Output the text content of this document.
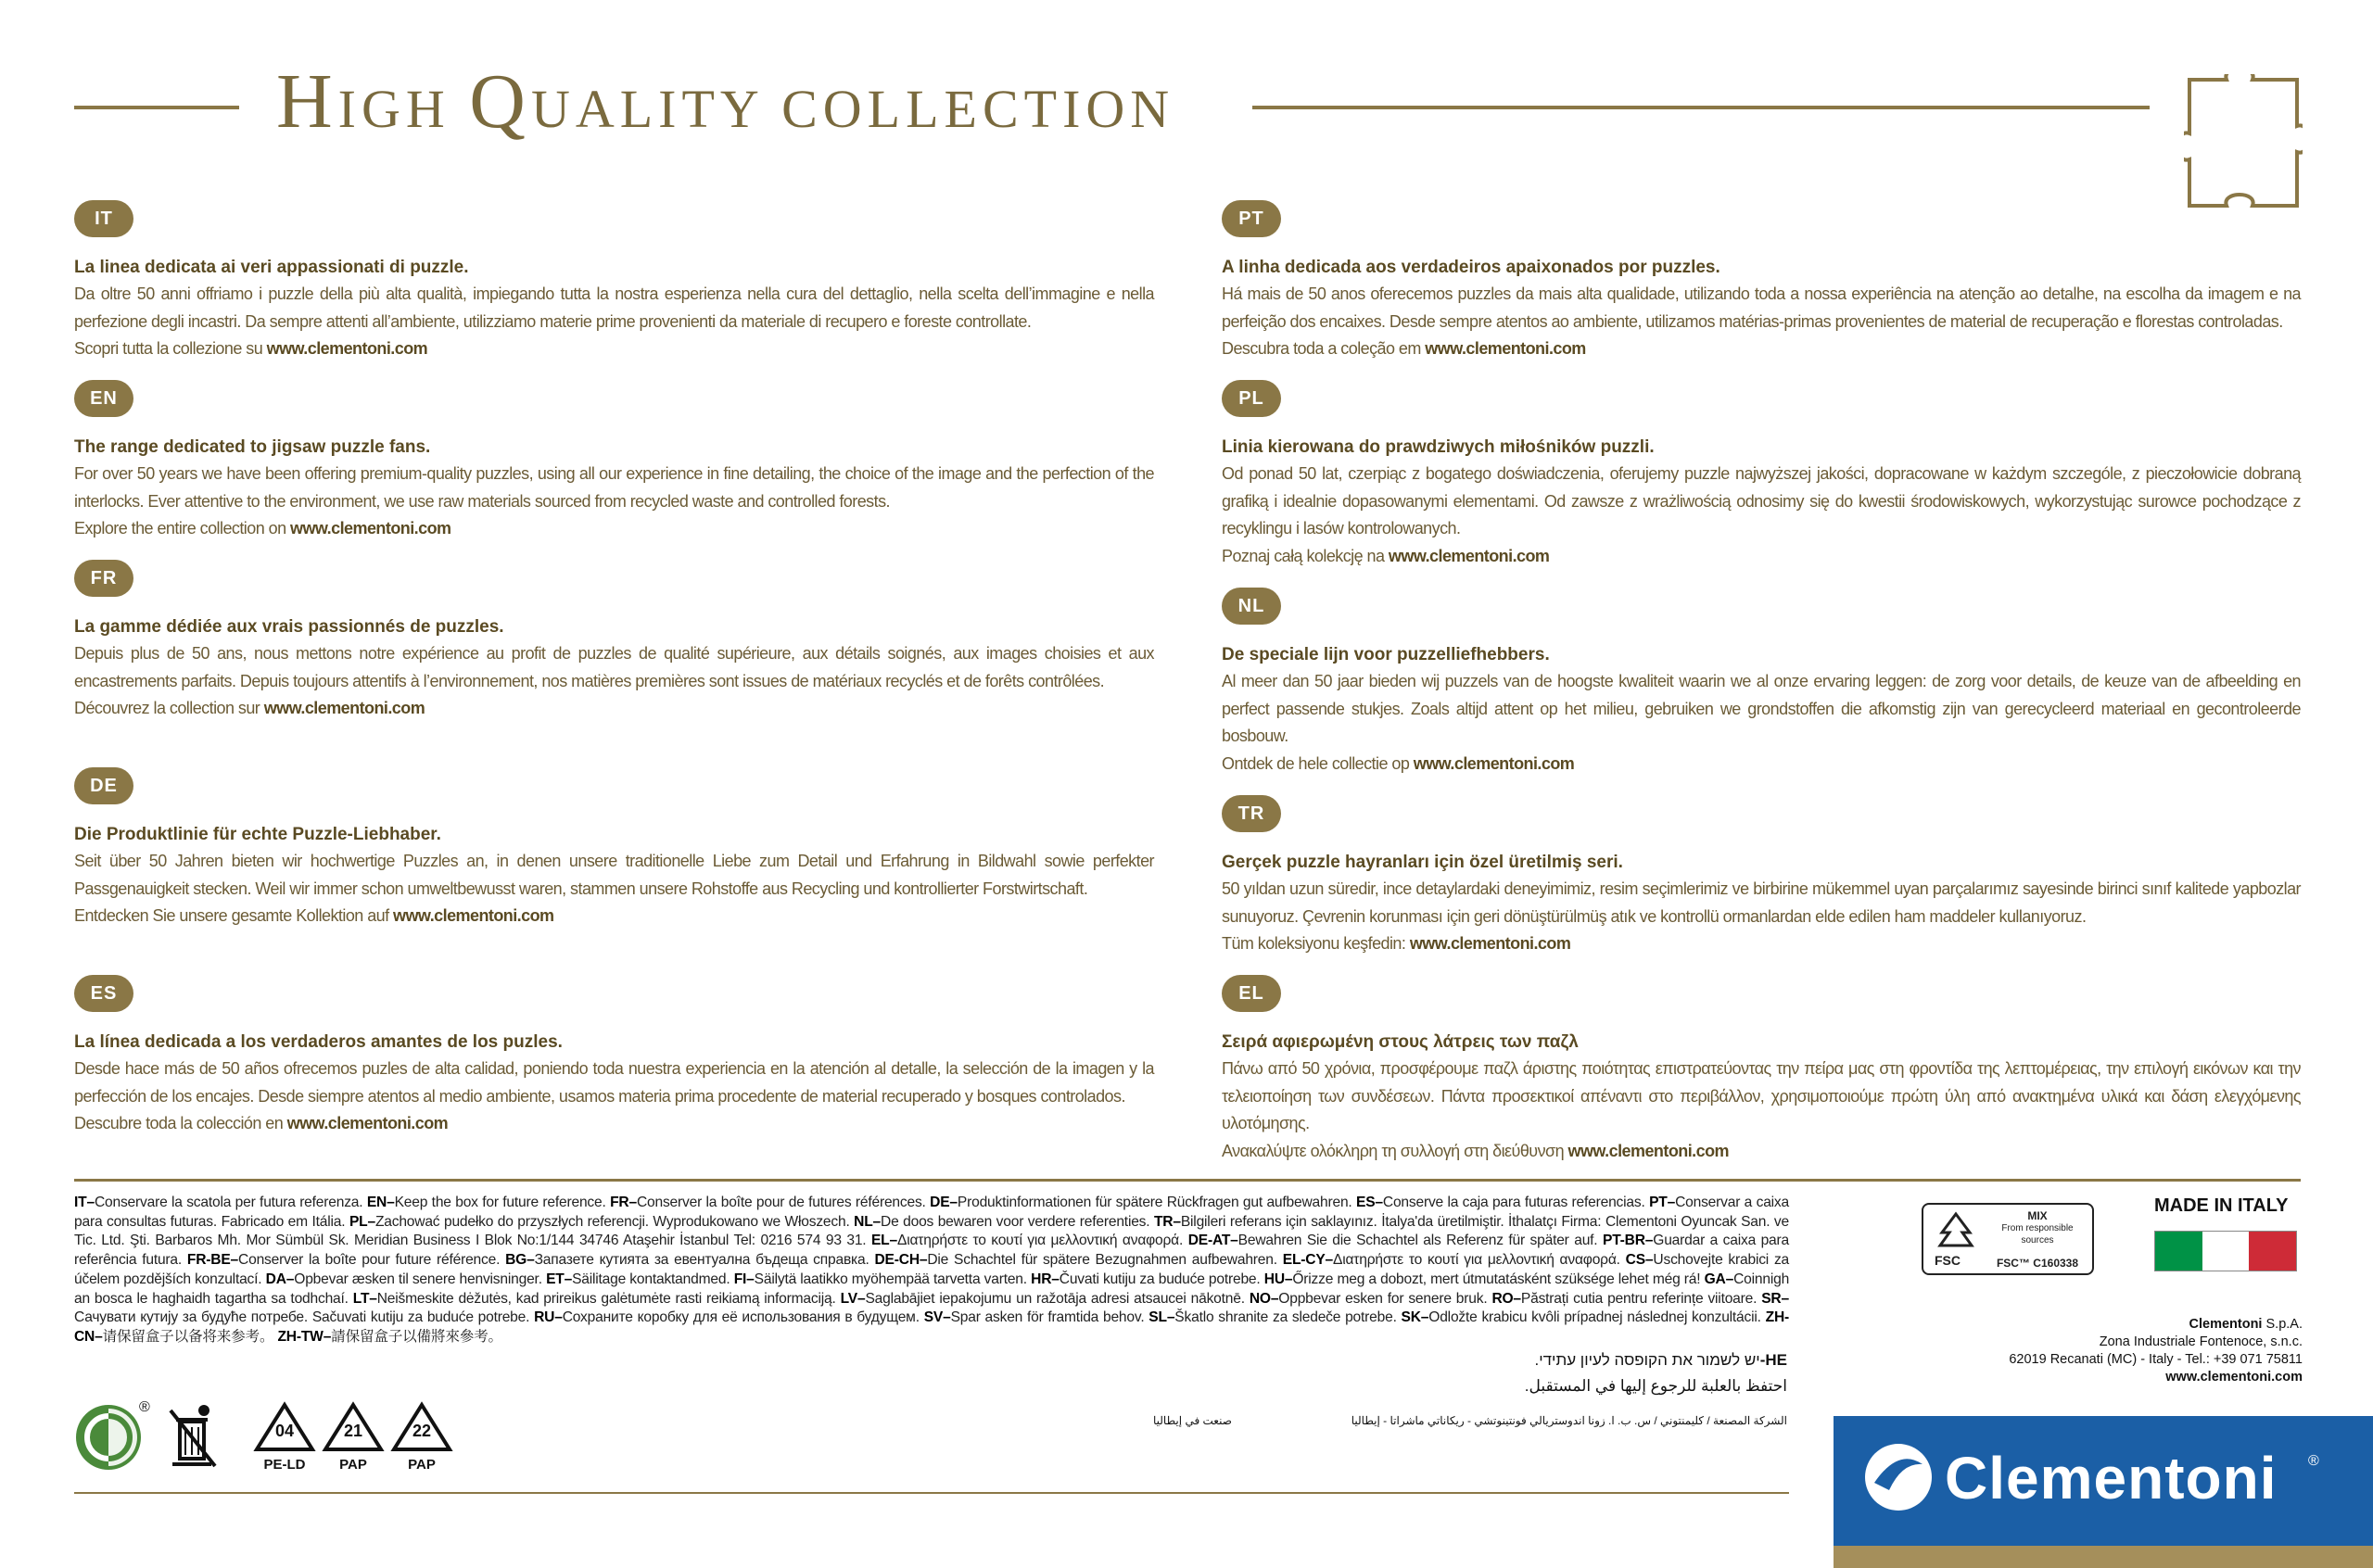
HIGH QUALITY COLLECTION
IT
La linea dedicata ai veri appassionati di puzzle.
Da oltre 50 anni offriamo i puzzle della più alta qualità, impiegando tutta la nostra esperienza nella cura del dettaglio, nella scelta dell’immagine e nella perfezione degli incastri. Da sempre attenti all’ambiente, utilizziamo materie prime provenienti da materiale di recupero e foreste controllate.
Scopri tutta la collezione su www.clementoni.com
EN
The range dedicated to jigsaw puzzle fans.
For over 50 years we have been offering premium-quality puzzles, using all our experience in fine detailing, the choice of the image and the perfection of the interlocks. Ever attentive to the environment, we use raw materials sourced from recycled waste and controlled forests.
Explore the entire collection on www.clementoni.com
FR
La gamme dédiée aux vrais passionnés de puzzles.
Depuis plus de 50 ans, nous mettons notre expérience au profit de puzzles de qualité supérieure, aux détails soignés, aux images choisies et aux encastrements parfaits. Depuis toujours attentifs à l’environnement, nos matières premières sont issues de matériaux recyclés et de forêts contrôlées.
Découvrez la collection sur www.clementoni.com
DE
Die Produktlinie für echte Puzzle-Liebhaber.
Seit über 50 Jahren bieten wir hochwertige Puzzles an, in denen unsere traditionelle Liebe zum Detail und Erfahrung in Bildwahl sowie perfekter Passgenauigkeit stecken. Weil wir immer schon umweltbewusst waren, stammen unsere Rohstoffe aus Recycling und kontrollierter Forstwirtschaft.
Entdecken Sie unsere gesamte Kollektion auf www.clementoni.com
ES
La línea dedicada a los verdaderos amantes de los puzles.
Desde hace más de 50 años ofrecemos puzles de alta calidad, poniendo toda nuestra experiencia en la atención al detalle, la selección de la imagen y la perfección de los encajes. Desde siempre atentos al medio ambiente, usamos materia prima procedente de material recuperado y bosques controlados.
Descubre toda la colección en www.clementoni.com
PT
A linha dedicada aos verdadeiros apaixonados por puzzles.
Há mais de 50 anos oferecemos puzzles da mais alta qualidade, utilizando toda a nossa experiência na atenção ao detalhe, na escolha da imagem e na perfeição dos encaixes. Desde sempre atentos ao ambiente, utilizamos matérias-primas provenientes de material de recuperação e florestas controladas.
Descubra toda a coleção em www.clementoni.com
PL
Linia kierowana do prawdziwych miłośników puzzli.
Od ponad 50 lat, czerpiąc z bogatego doświadczenia, oferujemy puzzle najwyższej jakości, dopracowane w każdym szczególe, z pieczołowicie dobraną grafiką i idealnie dopasowanymi elementami. Od zawsze z wrażliwością odnosimy się do kwestii środowiskowych, wykorzystując surowce pochodzące z recyklingu i lasów kontrolowanych.
Poznaj całą kolekcję na www.clementoni.com
NL
De speciale lijn voor puzzelliefhebbers.
Al meer dan 50 jaar bieden wij puzzels van de hoogste kwaliteit waarin we al onze ervaring leggen: de zorg voor details, de keuze van de afbeelding en perfect passende stukjes. Zoals altijd attent op het milieu, gebruiken we grondstoffen die afkomstig zijn van gerecycleerd materiaal en gecontroleerde bosbouw.
Ontdek de hele collectie op www.clementoni.com
TR
Gerçek puzzle hayranları için özel üretilmiş seri.
50 yıldan uzun süredir, ince detaylardaki deneyimimiz, resim seçimlerimiz ve birbirine mükemmel uyan parçalarımız sayesinde birinci sınıf kalitede yapbozlar sunuyoruz. Çevrenin korunması için geri dönüştürülmüş atık ve kontrollü ormanlardan elde edilen ham maddeler kullanıyoruz.
Tüm koleksiyonu keşfedin: www.clementoni.com
EL
Σειρά αφιερωμένη στους λάτρεις των παζλ
Πάνω από 50 χρόνια, προσφέρουμε παζλ άριστης ποιότητας επιστρατεύοντας την πείρα μας στη φροντίδα της λεπτομέρειας, την επιλογή εικόνων και την τελειοποίηση των συνδέσεων. Πάντα προσεκτικοί απέναντι στο περιβάλλον, χρησιμοποιούμε πρώτη ύλη από ανακτημένα υλικά και δάση ελεγχόμενης υλοτόμησης.
Ανακαλύψτε ολόκληρη τη συλλογή στη διεύθυνση www.clementoni.com
IT–Conservare la scatola per futura referenza. EN–Keep the box for future reference. FR–Conserver la boîte pour de futures références. DE–Produktinformationen für spätere Rückfragen gut aufbewahren. ES–Conserve la caja para futuras referencias. PT–Conservar a caixa para consultas futuras. Fabricado em Itália. PL–Zachować pudełko do przyszłych referencji. Wyprodukowano we Włoszech. NL–De doos bewaren voor verdere referenties. TR–Bilgileri referans için saklayınız. İtalya'da üretilmiştir. İthalatçı Firma: Clementoni Oyuncak San. ve Tic. Ltd. Şti. Barbaros Mh. Mor Sümbül Sk. Meridian Business I Blok No:1/144 34746 Ataşehir İstanbul Tel: 0216 574 93 31. EL–Διατηρήστε το κουτί για μελλοντική αναφορά. DE-AT–Bewahren Sie die Schachtel als Referenz für später auf. PT-BR–Guardar a caixa para referência futura. FR-BE–Conserver la boîte pour future référence. BG–Запазете кутията за евентуална бъдеща справка. DE-CH–Die Schachtel für spätere Bezugnahmen aufbewahren. EL-CY–Διατηρήστε το κουτί για μελλοντική αναφορά. CS–Uschovejte krabici za účelem pozdějších konzultací. DA–Opbevar æsken til senere henvisninger. ET–Säilitage kontaktandmed. FI–Säilytä laatikko myöhempää tarvetta varten. HR–Čuvati kutiju za buduće potrebe. HU–Őrizze meg a dobozt, mert útmutatásként szüksége lehet még rá! GA–Coinnigh an bosca le haghaidh tagartha sa todhchaí. LT–Neišmeskite dėžutės, kad prireikus galėtumėte rasti reikiamą informaciją. LV–Saglabājiet iepakojumu un ražotāja adresi atsaucei nākotnē. NO–Oppbevar esken for senere bruk. RO–Păstrați cutia pentru referințe viitoare. SR–Сачувати кутију за будуће потребе. Sačuvati kutiju za buduće potrebe. RU–Сохраните коробку для её использования в будущем. SV–Spar asken för framtida behov. SL–Škatlo shranite za sledeče potrebe. SK–Odložte krabicu kvôli prípadnej následnej konzultácii. ZH-CN–请保留盒子以备将来参考。 ZH-TW–請保留盒子以備將來參考。
HE-יש לשמור את הקופסה לעיון עתידי.
احتفظ بالعلبة للرجوع إليها في المستقبل.
الشركة المصنعة / كليمنتوني / س. ب. ا. زونا اندوستريالي فونتينوتشي - ريكاناتي ماشراتا - إيطاليا
صنعت في إيطاليا
®
04
PE-LD
21
PAP
22
PAP
FSC
MIX
From responsible
sources
FSC™ C160338
MADE IN ITALY
Clementoni S.p.A.
Zona Industriale Fontenoce, s.n.c.
62019 Recanati (MC) - Italy - Tel.: +39 071 75811
www.clementoni.com
Clementoni ®
